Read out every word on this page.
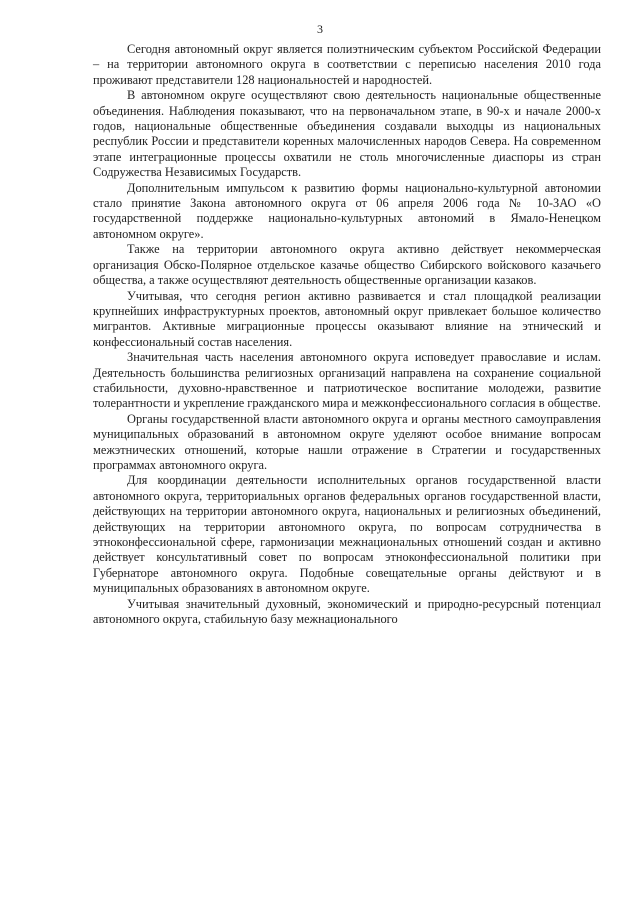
3

Сегодня автономный округ является полиэтническим субъектом Российской Федерации – на территории автономного округа в соответствии с переписью населения 2010 года проживают представители 128 национальностей и народностей.

В автономном округе осуществляют свою деятельность национальные общественные объединения. Наблюдения показывают, что на первоначальном этапе, в 90-х и начале 2000-х годов, национальные общественные объединения создавали выходцы из национальных республик России и представители коренных малочисленных народов Севера. На современном этапе интеграционные процессы охватили не столь многочисленные диаспоры из стран Содружества Независимых Государств.

Дополнительным импульсом к развитию формы национально-культурной автономии стало принятие Закона автономного округа от 06 апреля 2006 года № 10-ЗАО «О государственной поддержке национально-культурных автономий в Ямало-Ненецком автономном округе».

Также на территории автономного округа активно действует некоммерческая организация Обско-Полярное отдельское казачье общество Сибирского войскового казачьего общества, а также осуществляют деятельность общественные организации казаков.

Учитывая, что сегодня регион активно развивается и стал площадкой реализации крупнейших инфраструктурных проектов, автономный округ привлекает большое количество мигрантов. Активные миграционные процессы оказывают влияние на этнический и конфессиональный состав населения.

Значительная часть населения автономного округа исповедует православие и ислам. Деятельность большинства религиозных организаций направлена на сохранение социальной стабильности, духовно-нравственное и патриотическое воспитание молодежи, развитие толерантности и укрепление гражданского мира и межконфессионального согласия в обществе.

Органы государственной власти автономного округа и органы местного самоуправления муниципальных образований в автономном округе уделяют особое внимание вопросам межэтнических отношений, которые нашли отражение в Стратегии и государственных программах автономного округа.

Для координации деятельности исполнительных органов государственной власти автономного округа, территориальных органов федеральных органов государственной власти, действующих на территории автономного округа, национальных и религиозных объединений, действующих на территории автономного округа, по вопросам сотрудничества в этноконфессиональной сфере, гармонизации межнациональных отношений создан и активно действует консультативный совет по вопросам этноконфессиональной политики при Губернаторе автономного округа. Подобные совещательные органы действуют и в муниципальных образованиях в автономном округе.

Учитывая значительный духовный, экономический и природно-ресурсный потенциал автономного округа, стабильную базу межнационального
